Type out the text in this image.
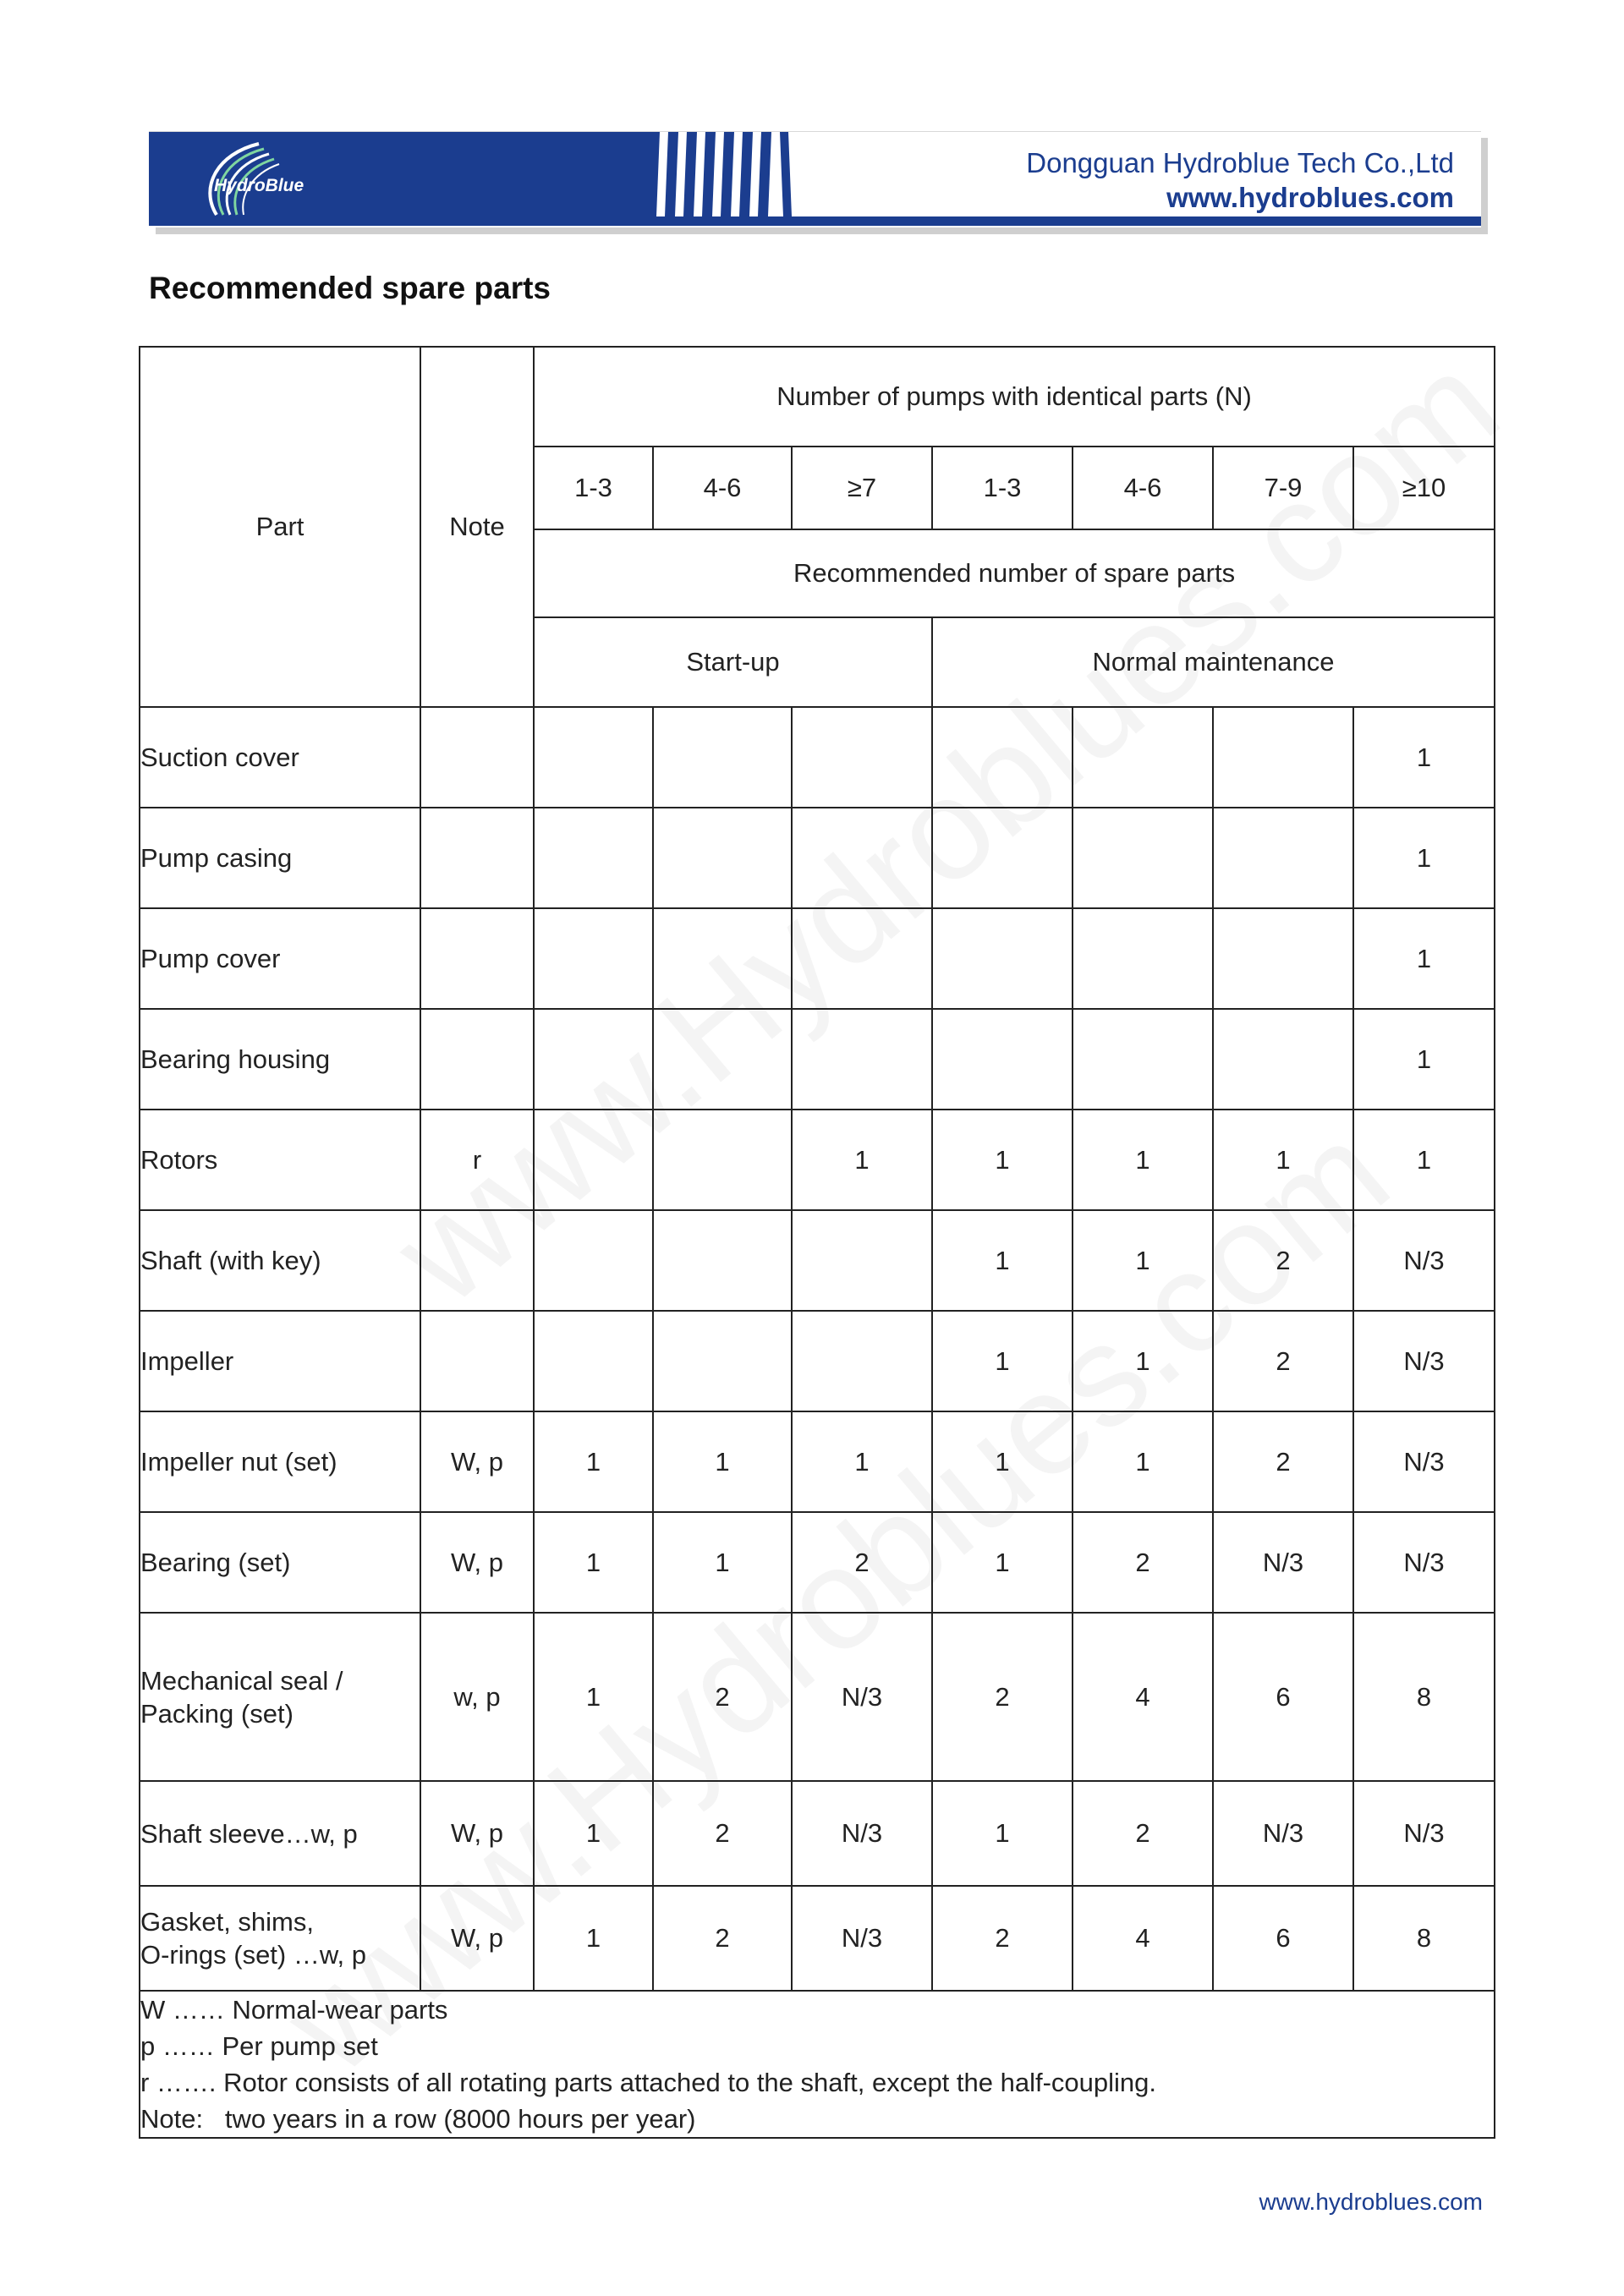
HydroBlue
Dongguan Hydroblue Tech Co.,Ltd
www.hydroblues.com
Recommended spare parts
Part	Note	Number of pumps with identical parts (N)						
		1-3	4-6	≥7	1-3	4-6	7-9	≥10
		Recommended number of spare parts						
		Start-up			Normal maintenance			

Suction cover								1

Pump casing								1

Pump cover								1

Bearing housing								1

Rotors	r			1	1	1	1	1

Shaft (with key)					1	1	2	N/3

Impeller					1	1	2	N/3

Impeller nut (set)	W, p	1	1	1	1	1	2	N/3

Bearing (set)	W, p	1	1	2	1	2	N/3	N/3

Mechanical seal /
Packing (set)	w, p	1	2	N/3	2	4	6	8

Shaft sleeve…w, p	W, p	1	2	N/3	1	2	N/3	N/3

Gasket, shims,
O-rings (set) …w, p	W, p	1	2	N/3	2	4	6	8

W …… Normal-wear parts
p …… Per pump set
r ……. Rotor consists of all rotating parts attached to the shaft, except the half-coupling.
Note:   two years in a row (8000 hours per year)								
www.hydroblues.com
